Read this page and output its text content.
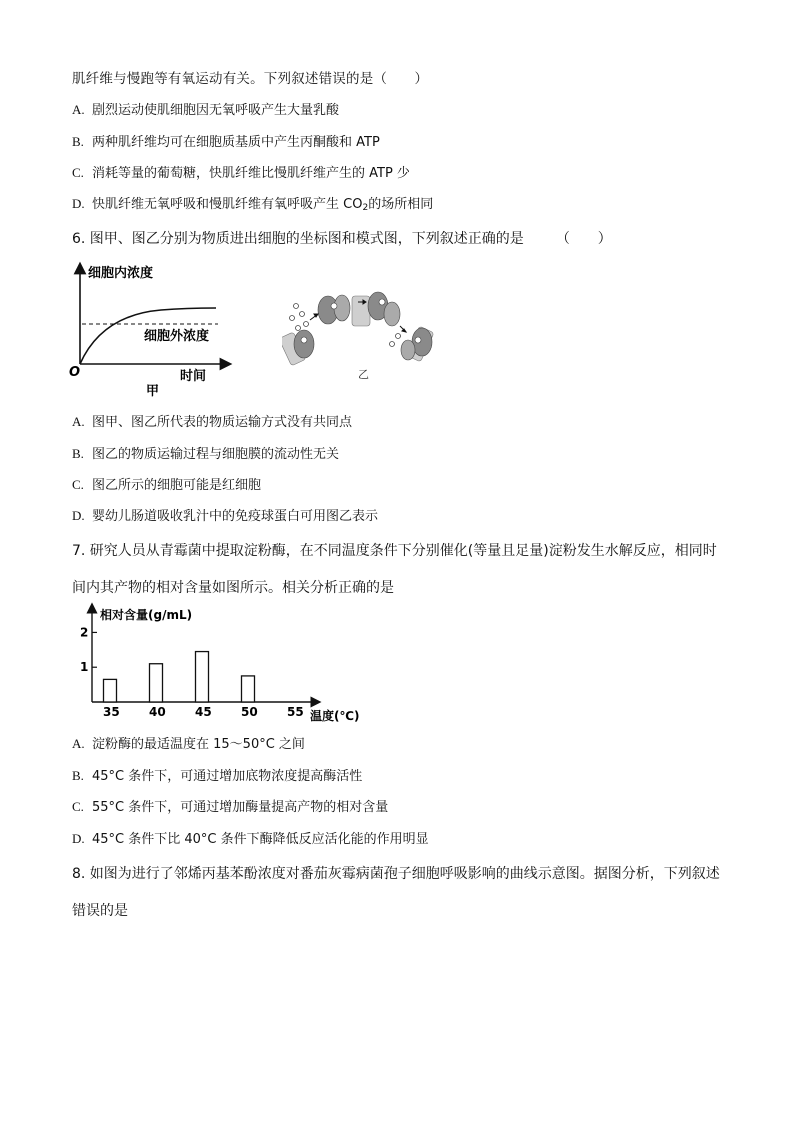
肌纤维与慢跑等有氧运动有关。下列叙述错误的是（　　）
A. 剧烈运动使肌细胞因无氧呼吸产生大量乳酸
B. 两种肌纤维均可在细胞质基质中产生丙酮酸和 ATP
C. 消耗等量的葡萄糖，快肌纤维比慢肌纤维产生的 ATP 少
D. 快肌纤维无氧呼吸和慢肌纤维有氧呼吸产生 $CO_2$的场所相同
6. 图甲、图乙分别为物质进出细胞的坐标图和模式图，下列叙述正确的是 （　　）
细胞内浓度
细胞外浓度
O	时间
甲
乙
A. 图甲、图乙所代表的物质运输方式没有共同点
B. 图乙的物质运输过程与细胞膜的流动性无关
C. 图乙所示的细胞可能是红细胞
D. 婴幼儿肠道吸收乳汁中的免疫球蛋白可用图乙表示
7. 研究人员从青霉菌中提取淀粉酶，在不同温度条件下分别催化(等量且足量)淀粉发生水解反应，相同时
间内其产物的相对含量如图所示。相关分析正确的是
相对含量(g/mL)
温度(℃)
1
2
35 40 45 50 55
A. 淀粉酶的最适温度在 15～50°C 之间
B. 45°C 条件下，可通过增加底物浓度提高酶活性
C. 55°C 条件下，可通过增加酶量提高产物的相对含量
D. 45°C 条件下比 40°C 条件下酶降低反应活化能的作用明显
8. 如图为进行了邻烯丙基苯酚浓度对番茄灰霉病菌孢子细胞呼吸影响的曲线示意图。据图分析，下列叙述
错误的是
